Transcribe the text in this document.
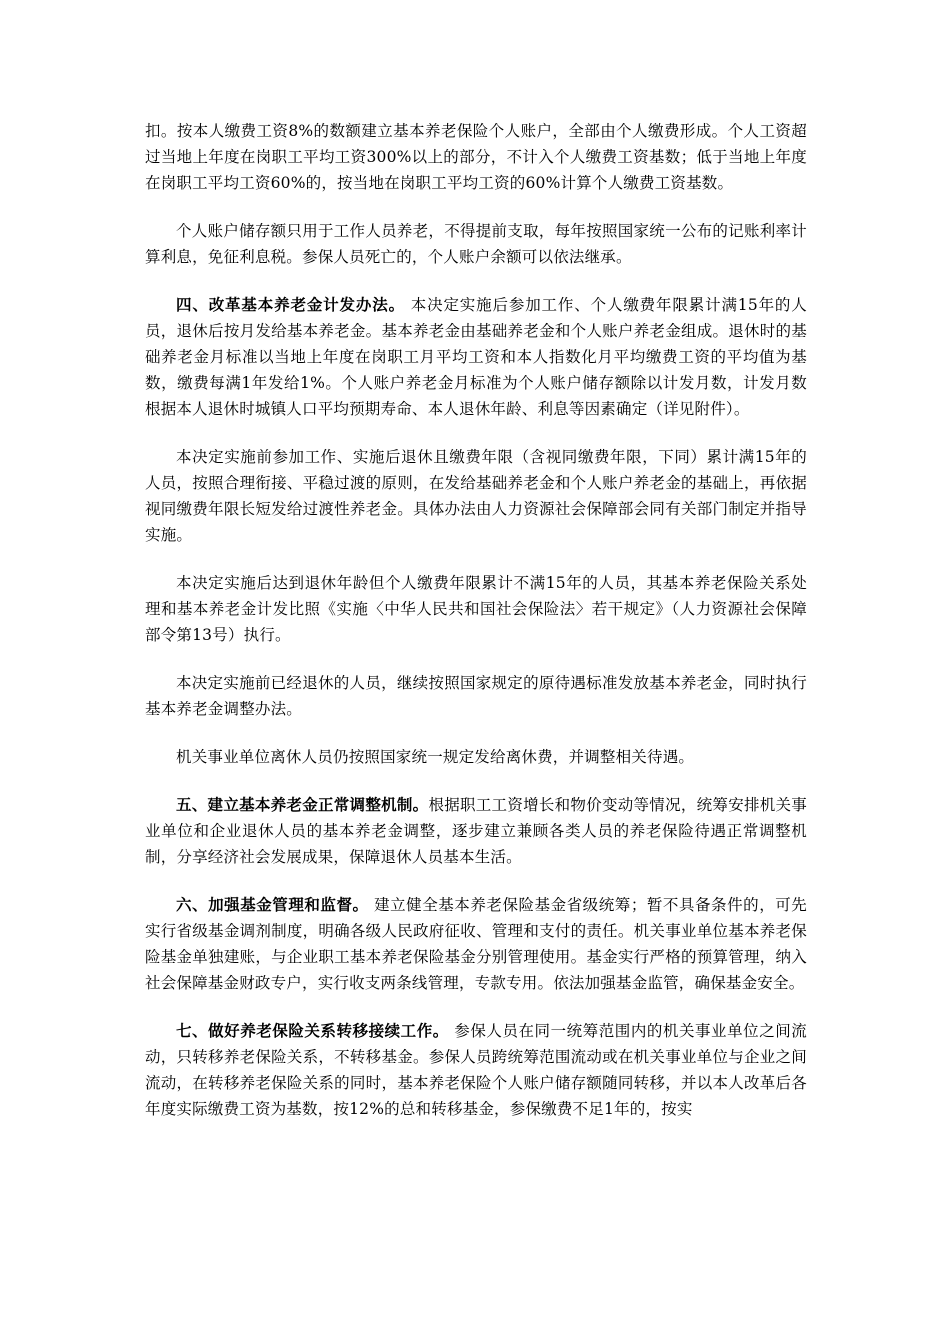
扣。按本人缴费工资8%的数额建立基本养老保险个人账户，全部由个人缴费形成。个人工资超过当地上年度在岗职工平均工资300%以上的部分，不计入个人缴费工资基数；低于当地上年度在岗职工平均工资60%的，按当地在岗职工平均工资的60%计算个人缴费工资基数。

个人账户储存额只用于工作人员养老，不得提前支取，每年按照国家统一公布的记账利率计算利息，免征利息税。参保人员死亡的，个人账户余额可以依法继承。

四、改革基本养老金计发办法。 本决定实施后参加工作、个人缴费年限累计满15年的人员，退休后按月发给基本养老金。基本养老金由基础养老金和个人账户养老金组成。退休时的基础养老金月标准以当地上年度在岗职工月平均工资和本人指数化月平均缴费工资的平均值为基数，缴费每满1年发给1%。个人账户养老金月标准为个人账户储存额除以计发月数，计发月数根据本人退休时城镇人口平均预期寿命、本人退休年龄、利息等因素确定（详见附件）。

本决定实施前参加工作、实施后退休且缴费年限（含视同缴费年限，下同）累计满15年的人员，按照合理衔接、平稳过渡的原则，在发给基础养老金和个人账户养老金的基础上，再依据视同缴费年限长短发给过渡性养老金。具体办法由人力资源社会保障部会同有关部门制定并指导实施。

本决定实施后达到退休年龄但个人缴费年限累计不满15年的人员，其基本养老保险关系处理和基本养老金计发比照《实施〈中华人民共和国社会保险法〉若干规定》（人力资源社会保障部令第13号）执行。

本决定实施前已经退休的人员，继续按照国家规定的原待遇标准发放基本养老金，同时执行基本养老金调整办法。

机关事业单位离休人员仍按照国家统一规定发给离休费，并调整相关待遇。

五、建立基本养老金正常调整机制。根据职工工资增长和物价变动等情况，统筹安排机关事业单位和企业退休人员的基本养老金调整，逐步建立兼顾各类人员的养老保险待遇正常调整机制，分享经济社会发展成果，保障退休人员基本生活。

六、加强基金管理和监督。 建立健全基本养老保险基金省级统筹；暂不具备条件的，可先实行省级基金调剂制度，明确各级人民政府征收、管理和支付的责任。机关事业单位基本养老保险基金单独建账，与企业职工基本养老保险基金分别管理使用。基金实行严格的预算管理，纳入社会保障基金财政专户，实行收支两条线管理，专款专用。依法加强基金监管，确保基金安全。

七、做好养老保险关系转移接续工作。 参保人员在同一统筹范围内的机关事业单位之间流动，只转移养老保险关系，不转移基金。参保人员跨统筹范围流动或在机关事业单位与企业之间流动，在转移养老保险关系的同时，基本养老保险个人账户储存额随同转移，并以本人改革后各年度实际缴费工资为基数，按12%的总和转移基金，参保缴费不足1年的，按实
